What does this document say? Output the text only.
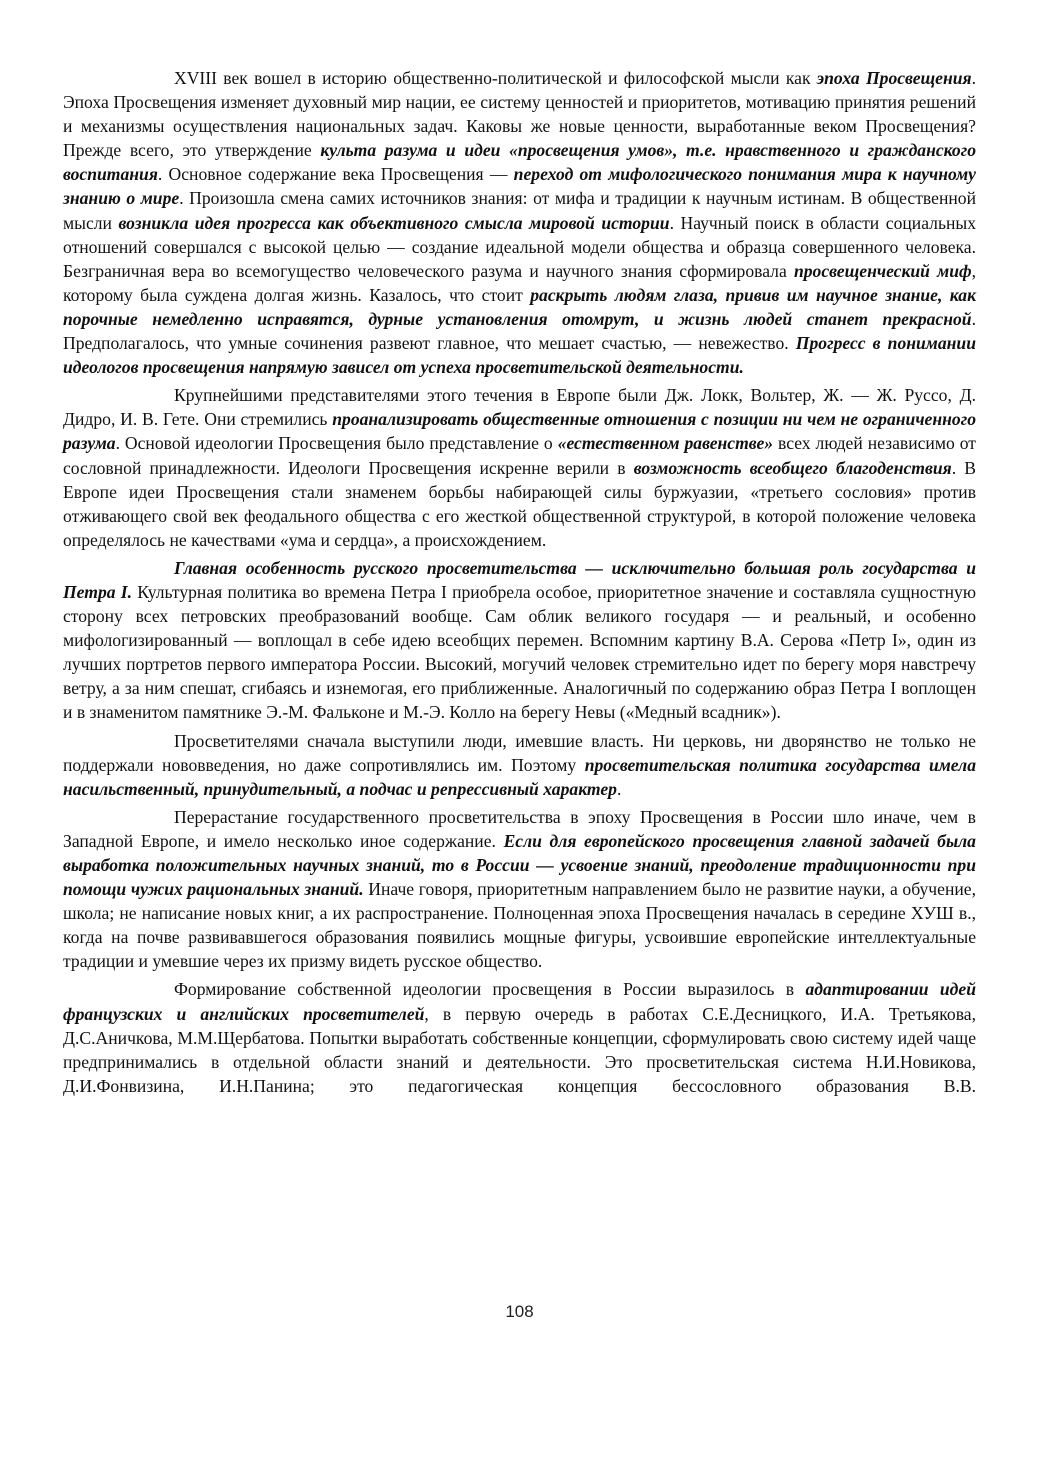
XVIII век вошел в историю общественно-политической и философской мысли как эпоха Просвещения. Эпоха Просвещения изменяет духовный мир нации, ее систему ценностей и приоритетов, мотивацию принятия решений и механизмы осуществления национальных задач. Каковы же новые ценности, выработанные веком Просвещения? Прежде всего, это утверждение культа разума и идеи «просвещения умов», т.е. нравственного и гражданского воспитания. Основное содержание века Просвещения — переход от мифологического понимания мира к научному знанию о мире. Произошла смена самих источников знания: от мифа и традиции к научным истинам. В общественной мысли возникла идея прогресса как объективного смысла мировой истории. Научный поиск в области социальных отношений совершался с высокой целью — создание идеальной модели общества и образца совершенного человека. Безграничная вера во всемогущество человеческого разума и научного знания сформировала просвещенческий миф, которому была суждена долгая жизнь. Казалось, что стоит раскрыть людям глаза, привив им научное знание, как порочные немедленно исправятся, дурные установления отомрут, и жизнь людей станет прекрасной. Предполагалось, что умные сочинения развеют главное, что мешает счастью, — невежество. Прогресс в понимании идеологов просвещения напрямую зависел от успеха просветительской деятельности.

Крупнейшими представителями этого течения в Европе были Дж. Локк, Вольтер, Ж. — Ж. Руссо, Д. Дидро, И. В. Гете. Они стремились проанализировать общественные отношения с позиции ни чем не ограниченного разума. Основой идеологии Просвещения было представление о «естественном равенстве» всех людей независимо от сословной принадлежности. Идеологи Просвещения искренне верили в возможность всеобщего благоденствия. В Европе идеи Просвещения стали знаменем борьбы набирающей силы буржуазии, «третьего сословия» против отживающего свой век феодального общества с его жесткой общественной структурой, в которой положение человека определялось не качествами «ума и сердца», а происхождением.

Главная особенность русского просветительства — исключительно большая роль государства и Петра I. Культурная политика во времена Петра I приобрела особое, приоритетное значение и составляла сущностную сторону всех петровских преобразований вообще. Сам облик великого государя — и реальный, и особенно мифологизированный — воплощал в себе идею всеобщих перемен. Вспомним картину В.А. Серова «Петр I», один из лучших портретов первого императора России. Высокий, могучий человек стремительно идет по берегу моря навстречу ветру, а за ним спешат, сгибаясь и изнемогая, его приближенные. Аналогичный по содержанию образ Петра I воплощен и в знаменитом памятнике Э.-М. Фальконе и М.-Э. Колло на берегу Невы («Медный всадник»).

Просветителями сначала выступили люди, имевшие власть. Ни церковь, ни дворянство не только не поддержали нововведения, но даже сопротивлялись им. Поэтому просветительская политика государства имела насильственный, принудительный, а подчас и репрессивный характер.

Перерастание государственного просветительства в эпоху Просвещения в России шло иначе, чем в Западной Европе, и имело несколько иное содержание. Если для европейского просвещения главной задачей была выработка положительных научных знаний, то в России — усвоение знаний, преодоление традиционности при помощи чужих рациональных знаний. Иначе говоря, приоритетным направлением было не развитие науки, а обучение, школа; не написание новых книг, а их распространение. Полноценная эпоха Просвещения началась в середине ХУШ в., когда на почве развивавшегося образования появились мощные фигуры, усвоившие европейские интеллектуальные традиции и умевшие через их призму видеть русское общество.

Формирование собственной идеологии просвещения в России выразилось в адаптировании идей французских и английских просветителей, в первую очередь в работах С.Е.Десницкого, И.А. Третьякова, Д.С.Аничкова, М.М.Щербатова. Попытки выработать собственные концепции, сформулировать свою систему идей чаще предпринимались в отдельной области знаний и деятельности. Это просветительская система Н.И.Новикова, Д.И.Фонвизина, И.Н.Панина; это педагогическая концепция бессословного образования В.В.

108
